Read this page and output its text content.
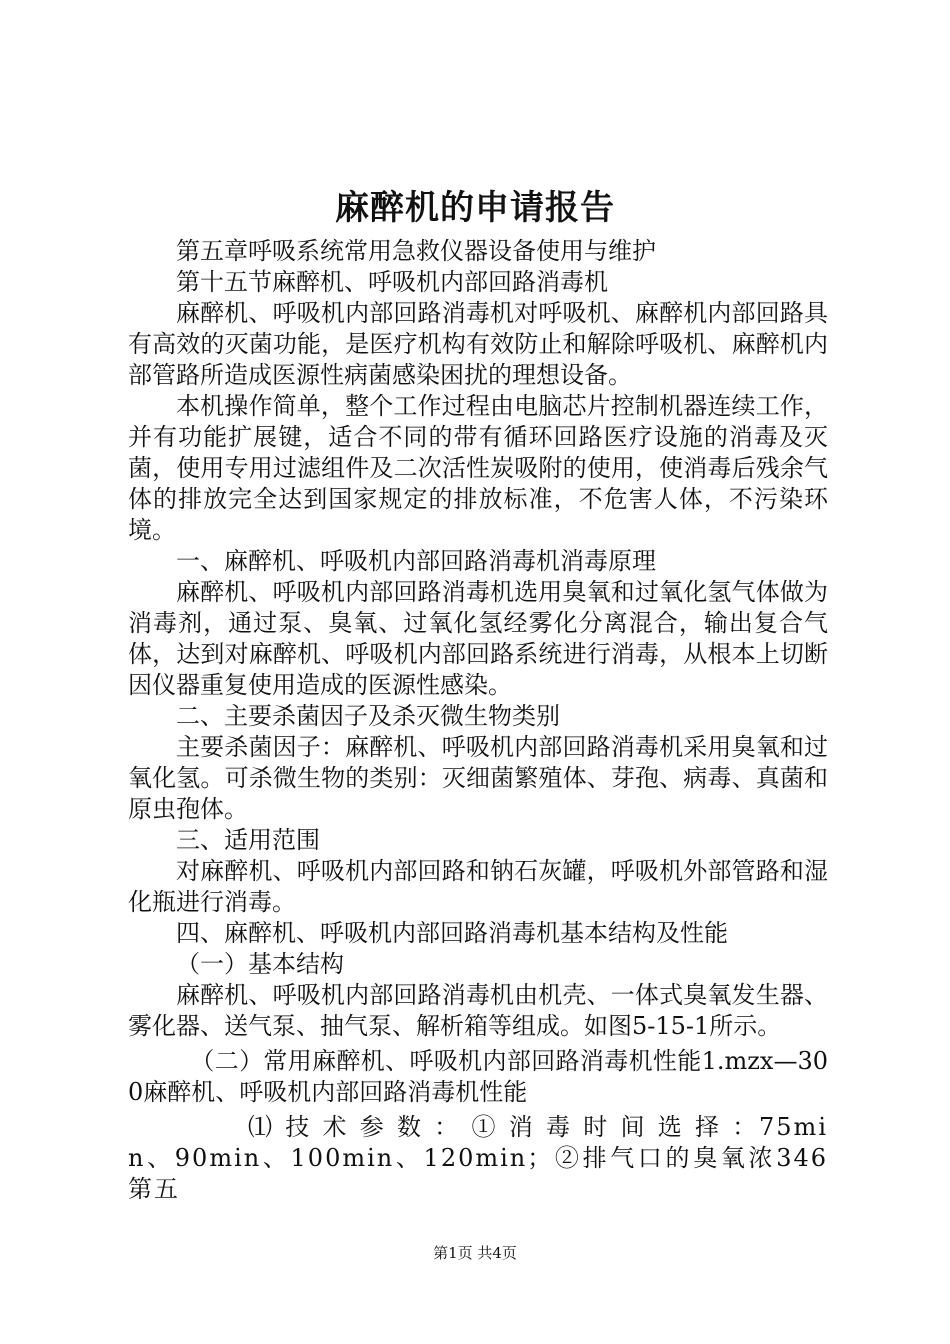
麻醉机的申请报告

第五章呼吸系统常用急救仪器设备使用与维护

第十五节麻醉机、呼吸机内部回路消毒机

麻醉机、呼吸机内部回路消毒机对呼吸机、麻醉机内部回路具有高效的灭菌功能，是医疗机构有效防止和解除呼吸机、麻醉机内部管路所造成医源性病菌感染困扰的理想设备。

本机操作简单，整个工作过程由电脑芯片控制机器连续工作，并有功能扩展键，适合不同的带有循环回路医疗设施的消毒及灭菌，使用专用过滤组件及二次活性炭吸附的使用，使消毒后残余气体的排放完全达到国家规定的排放标准，不危害人体，不污染环境。

一、麻醉机、呼吸机内部回路消毒机消毒原理

麻醉机、呼吸机内部回路消毒机选用臭氧和过氧化氢气体做为消毒剂，通过泵、臭氧、过氧化氢经雾化分离混合，输出复合气体，达到对麻醉机、呼吸机内部回路系统进行消毒，从根本上切断因仪器重复使用造成的医源性感染。

二、主要杀菌因子及杀灭微生物类别

主要杀菌因子：麻醉机、呼吸机内部回路消毒机采用臭氧和过氧化氢。可杀微生物的类别：灭细菌繁殖体、芽孢、病毒、真菌和原虫孢体。

三、适用范围

对麻醉机、呼吸机内部回路和钠石灰罐，呼吸机外部管路和湿化瓶进行消毒。

四、麻醉机、呼吸机内部回路消毒机基本结构及性能

（一）基本结构

麻醉机、呼吸机内部回路消毒机由机壳、一体式臭氧发生器、雾化器、送气泵、抽气泵、解析箱等组成。如图5-15-1所示。

（二）常用麻醉机、呼吸机内部回路消毒机性能1.mzx—300麻醉机、呼吸机内部回路消毒机性能

⑴ 技 术 参 数 ： ① 消 毒 时 间 选 择 ：75min、90min、100min、120min；②排气口的臭氧浓346第五

第1页 共4页
